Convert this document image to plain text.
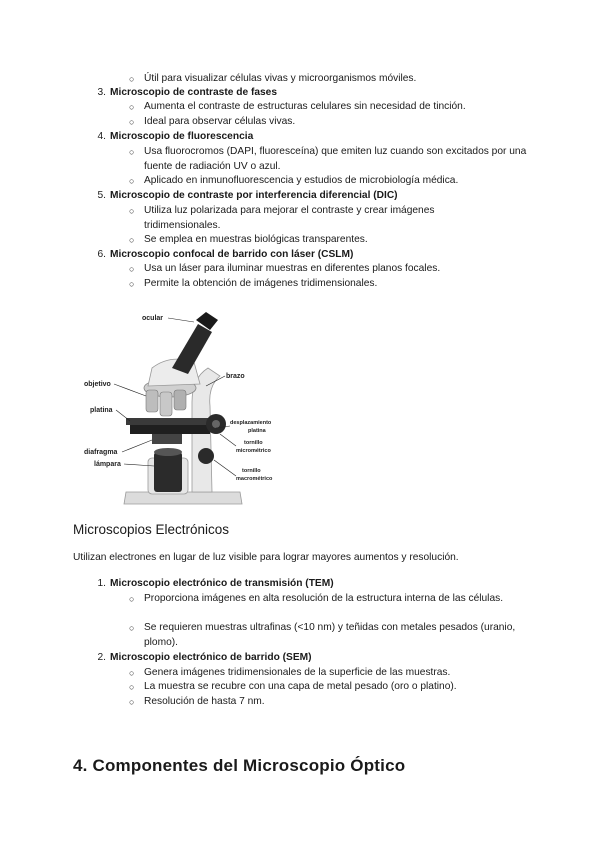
○ Útil para visualizar células vivas y microorganismos móviles.
3. Microscopio de contraste de fases
○ Aumenta el contraste de estructuras celulares sin necesidad de tinción.
○ Ideal para observar células vivas.
4. Microscopio de fluorescencia
○ Usa fluorocromos (DAPI, fluoresceína) que emiten luz cuando son excitados por una fuente de radiación UV o azul.
○ Aplicado en inmunofluorescencia y estudios de microbiología médica.
5. Microscopio de contraste por interferencia diferencial (DIC)
○ Utiliza luz polarizada para mejorar el contraste y crear imágenes tridimensionales.
○ Se emplea en muestras biológicas transparentes.
6. Microscopio confocal de barrido con láser (CSLM)
○ Usa un láser para iluminar muestras en diferentes planos focales.
○ Permite la obtención de imágenes tridimensionales.
ocular
brazo
objetivo
platina
desplazamiento
platina
tornillo
micrométrico
diafragma
lámpara
tornillo
macrométrico
Microscopios Electrónicos
Utilizan electrones en lugar de luz visible para lograr mayores aumentos y resolución.
1. Microscopio electrónico de transmisión (TEM)
○ Proporciona imágenes en alta resolución de la estructura interna de las células.
○ Se requieren muestras ultrafinas (<10 nm) y teñidas con metales pesados (uranio, plomo).
2. Microscopio electrónico de barrido (SEM)
○ Genera imágenes tridimensionales de la superficie de las muestras.
○ La muestra se recubre con una capa de metal pesado (oro o platino).
○ Resolución de hasta 7 nm.
4. Componentes del Microscopio Óptico
